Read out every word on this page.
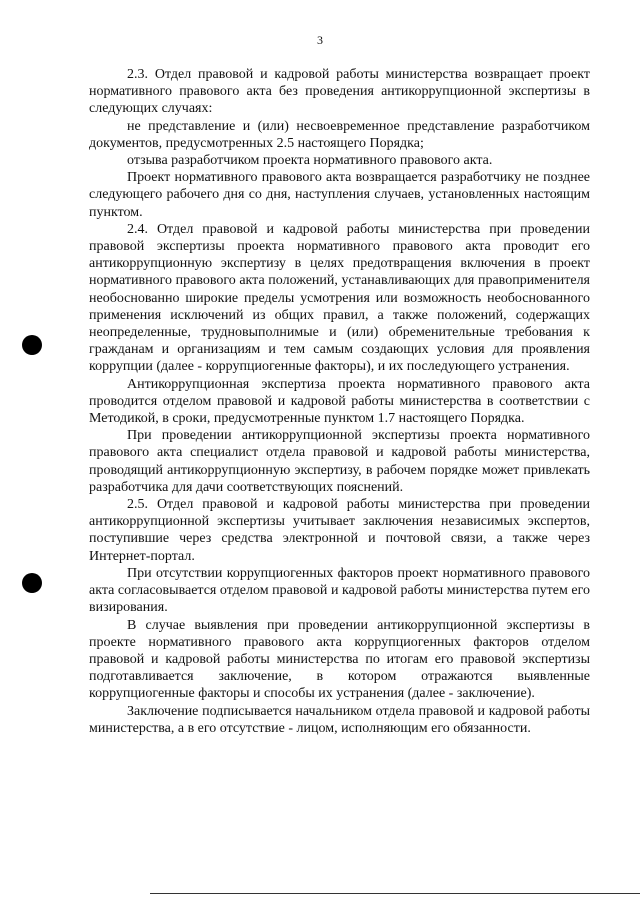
3

2.3. Отдел правовой и кадровой работы министерства возвращает проект нормативного правового акта без проведения антикоррупционной экспертизы в следующих случаях:

не представление и (или) несвоевременное представление разработчиком документов, предусмотренных 2.5 настоящего Порядка;

отзыва разработчиком проекта нормативного правового акта.

Проект нормативного правового акта возвращается разработчику не позднее следующего рабочего дня со дня, наступления случаев, установленных настоящим пунктом.

2.4. Отдел правовой и кадровой работы министерства при проведении правовой экспертизы проекта нормативного правового акта проводит его антикоррупционную экспертизу в целях предотвращения включения в проект нормативного правового акта положений, устанавливающих для правоприменителя необоснованно широкие пределы усмотрения или возможность необоснованного применения исключений из общих правил, а также положений, содержащих неопределенные, трудновыполнимые и (или) обременительные требования к гражданам и организациям и тем самым создающих условия для проявления коррупции (далее - коррупциогенные факторы), и их последующего устранения.

Антикоррупционная экспертиза проекта нормативного правового акта проводится отделом правовой и кадровой работы министерства в соответствии с Методикой, в сроки, предусмотренные пунктом 1.7 настоящего Порядка.

При проведении антикоррупционной экспертизы проекта нормативного правового акта специалист отдела правовой и кадровой работы министерства, проводящий антикоррупционную экспертизу, в рабочем порядке может привлекать разработчика для дачи соответствующих пояснений.

2.5. Отдел правовой и кадровой работы министерства при проведении антикоррупционной экспертизы учитывает заключения независимых экспертов, поступившие через средства электронной и почтовой связи, а также через Интернет-портал.

При отсутствии коррупциогенных факторов проект нормативного правового акта согласовывается отделом правовой и кадровой работы министерства путем его визирования.

В случае выявления при проведении антикоррупционной экспертизы в проекте нормативного правового акта коррупциогенных факторов отделом правовой и кадровой работы министерства по итогам его правовой экспертизы подготавливается заключение, в котором отражаются выявленные коррупциогенные факторы и способы их устранения (далее - заключение).

Заключение подписывается начальником отдела правовой и кадровой работы министерства, а в его отсутствие - лицом, исполняющим его обязанности.
